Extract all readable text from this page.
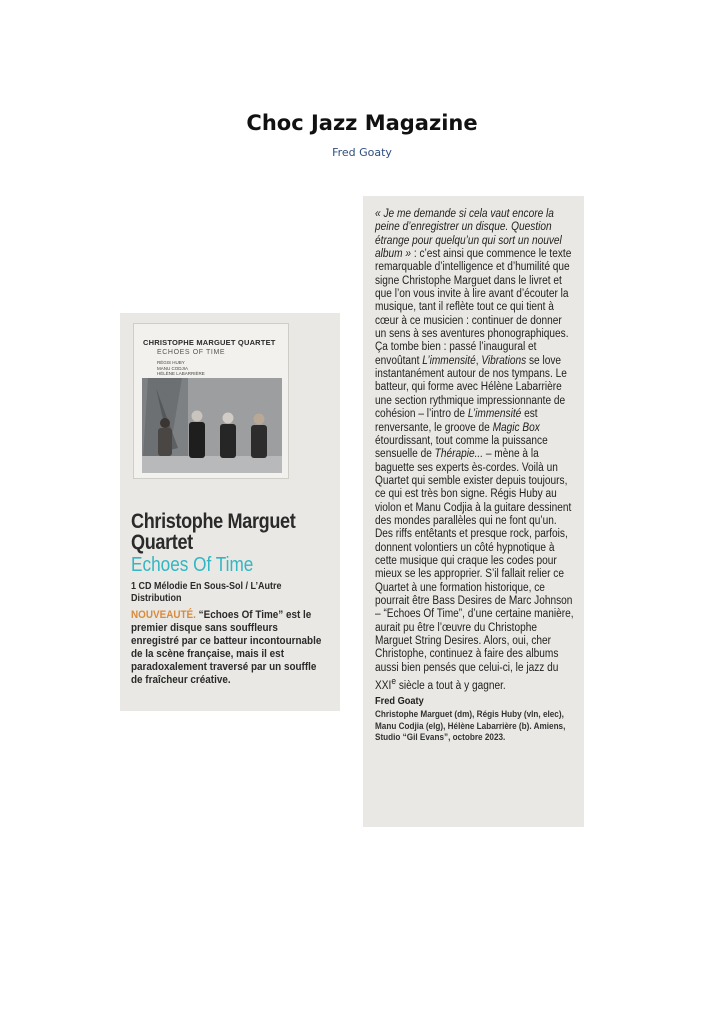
Choc Jazz Magazine
Fred Goaty
CHRISTOPHE MARGUET QUARTET
ECHOES OF TIME
RÉGIS HUBY
MANU CODJIA
HÉLÈNE LABARRIÈRE
Christophe Marguet Quartet
Echoes Of Time
1 CD Mélodie En Sous-Sol / L’Autre Distribution
NOUVEAUTÉ. “Echoes Of Time” est le premier disque sans souffleurs enregistré par ce batteur incontournable de la scène française, mais il est paradoxalement traversé par un souffle de fraîcheur créative.
« Je me demande si cela vaut encore la peine d’enregistrer un disque. Question étrange pour quelqu’un qui sort un nouvel album » : c’est ainsi que commence le texte remarquable d’intelligence et d’humilité que signe Christophe Marguet dans le livret et que l’on vous invite à lire avant d’écouter la musique, tant il reflète tout ce qui tient à cœur à ce musicien : continuer de donner un sens à ses aventures phonographiques. Ça tombe bien : passé l’inaugural et envoûtant L’immensité, Vibrations se love instantanément autour de nos tympans. Le batteur, qui forme avec Hélène Labarrière une section rythmique impressionnante de cohésion – l’intro de L’immensité est renversante, le groove de Magic Box étourdissant, tout comme la puissance sensuelle de Thérapie... – mène à la baguette ses experts ès-cordes. Voilà un Quartet qui semble exister depuis toujours, ce qui est très bon signe. Régis Huby au violon et Manu Codjia à la guitare dessinent des mondes parallèles qui ne font qu’un. Des riffs entêtants et presque rock, parfois, donnent volontiers un côté hypnotique à cette musique qui craque les codes pour mieux se les approprier. S’il fallait relier ce Quartet à une formation historique, ce pourrait être Bass Desires de Marc Johnson – “Echoes Of Time”, d’une certaine manière, aurait pu être l’œuvre du Christophe Marguet String Desires. Alors, oui, cher Christophe, continuez à faire des albums aussi bien pensés que celui-ci, le jazz du XXIe siècle a tout à y gagner.
Fred Goaty
Christophe Marguet (dm), Régis Huby (vln, elec), Manu Codjia (elg), Hélène Labarrière (b). Amiens, Studio “Gil Evans”, octobre 2023.
